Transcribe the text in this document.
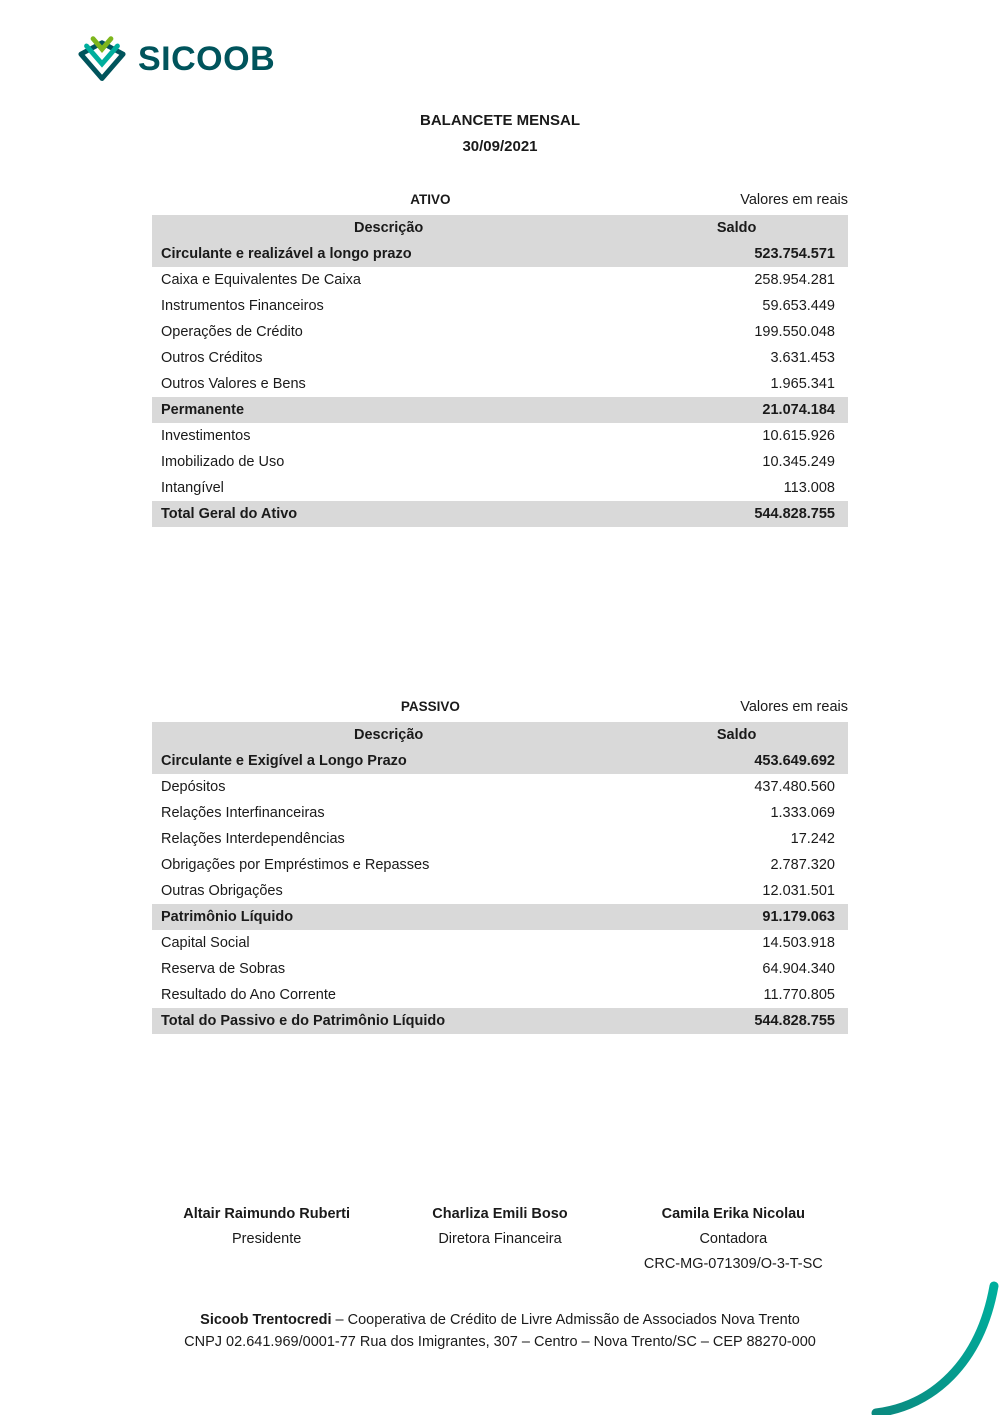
SICOOB
BALANCETE MENSAL
30/09/2021
ATIVO	Valores em reais
Descrição	Saldo
Circulante e realizável a longo prazo	523.754.571
Caixa e Equivalentes De Caixa	258.954.281
Instrumentos Financeiros	59.653.449
Operações de Crédito	199.550.048
Outros Créditos	3.631.453
Outros Valores e Bens	1.965.341
Permanente	21.074.184
Investimentos	10.615.926
Imobilizado de Uso	10.345.249
Intangível	113.008
Total Geral do Ativo	544.828.755
PASSIVO	Valores em reais
Descrição	Saldo
Circulante e Exigível a Longo Prazo	453.649.692
Depósitos	437.480.560
Relações Interfinanceiras	1.333.069
Relações Interdependências	17.242
Obrigações por Empréstimos e Repasses	2.787.320
Outras Obrigações	12.031.501
Patrimônio Líquido	91.179.063
Capital Social	14.503.918
Reserva de Sobras	64.904.340
Resultado do Ano Corrente	11.770.805
Total do Passivo e do Patrimônio Líquido	544.828.755
Altair Raimundo Ruberti
Presidente
Charliza Emili Boso
Diretora Financeira
Camila Erika Nicolau
Contadora
CRC-MG-071309/O-3-T-SC
Sicoob Trentocredi – Cooperativa de Crédito de Livre Admissão de Associados Nova Trento
CNPJ 02.641.969/0001-77 Rua dos Imigrantes, 307 – Centro – Nova Trento/SC – CEP 88270-000
